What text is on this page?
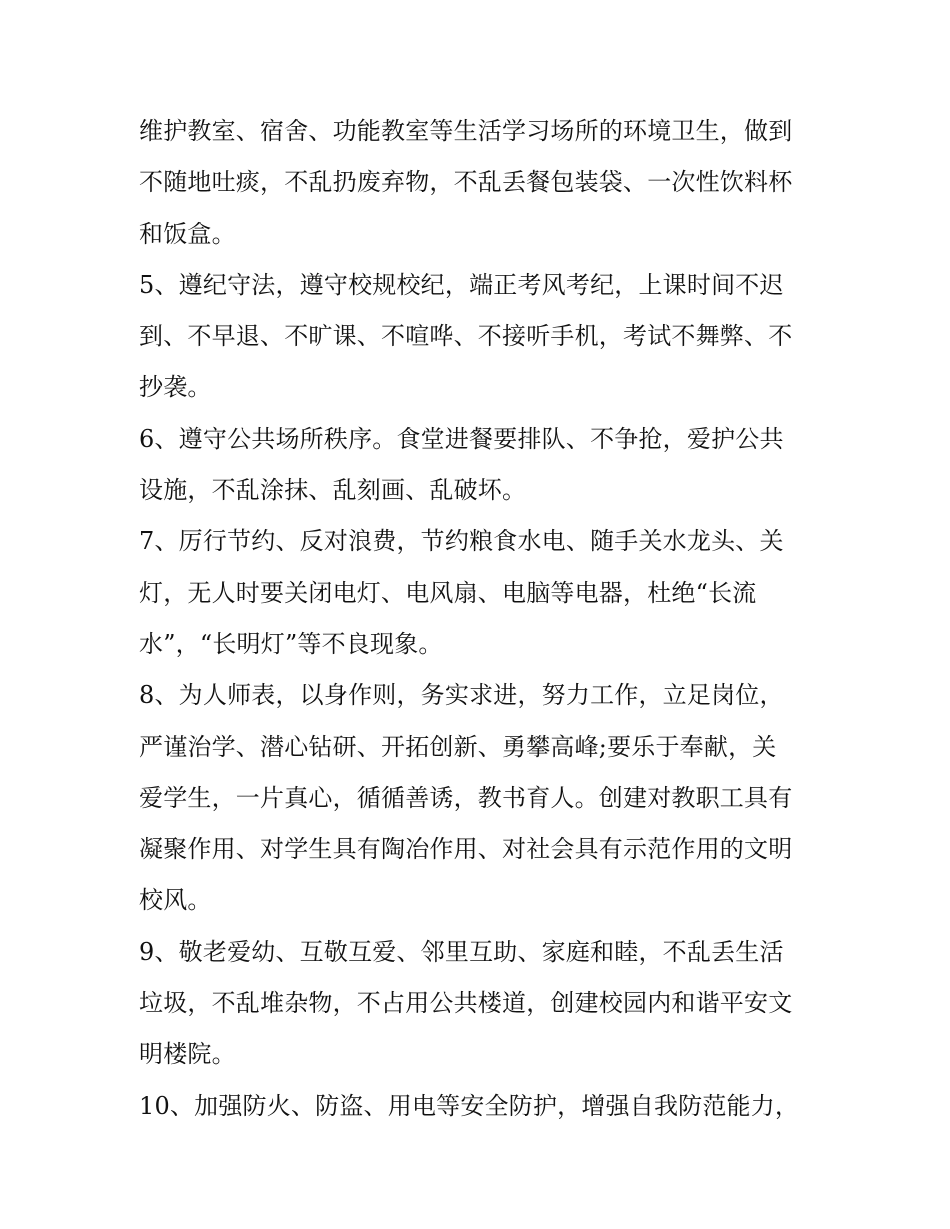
维护教室、宿舍、功能教室等生活学习场所的环境卫生，做到
不随地吐痰，不乱扔废弃物，不乱丢餐包装袋、一次性饮料杯
和饭盒。
5、遵纪守法，遵守校规校纪，端正考风考纪，上课时间不迟
到、不早退、不旷课、不喧哗、不接听手机，考试不舞弊、不
抄袭。
6、遵守公共场所秩序。食堂进餐要排队、不争抢，爱护公共
设施，不乱涂抹、乱刻画、乱破坏。
7、厉行节约、反对浪费，节约粮食水电、随手关水龙头、关
灯，无人时要关闭电灯、电风扇、电脑等电器，杜绝“长流
水”，“长明灯”等不良现象。
8、为人师表，以身作则，务实求进，努力工作，立足岗位，
严谨治学、潜心钻研、开拓创新、勇攀高峰;要乐于奉献，关
爱学生，一片真心，循循善诱，教书育人。创建对教职工具有
凝聚作用、对学生具有陶冶作用、对社会具有示范作用的文明
校风。
9、敬老爱幼、互敬互爱、邻里互助、家庭和睦，不乱丢生活
垃圾，不乱堆杂物，不占用公共楼道，创建校园内和谐平安文
明楼院。
10、加强防火、防盗、用电等安全防护，增强自我防范能力，
